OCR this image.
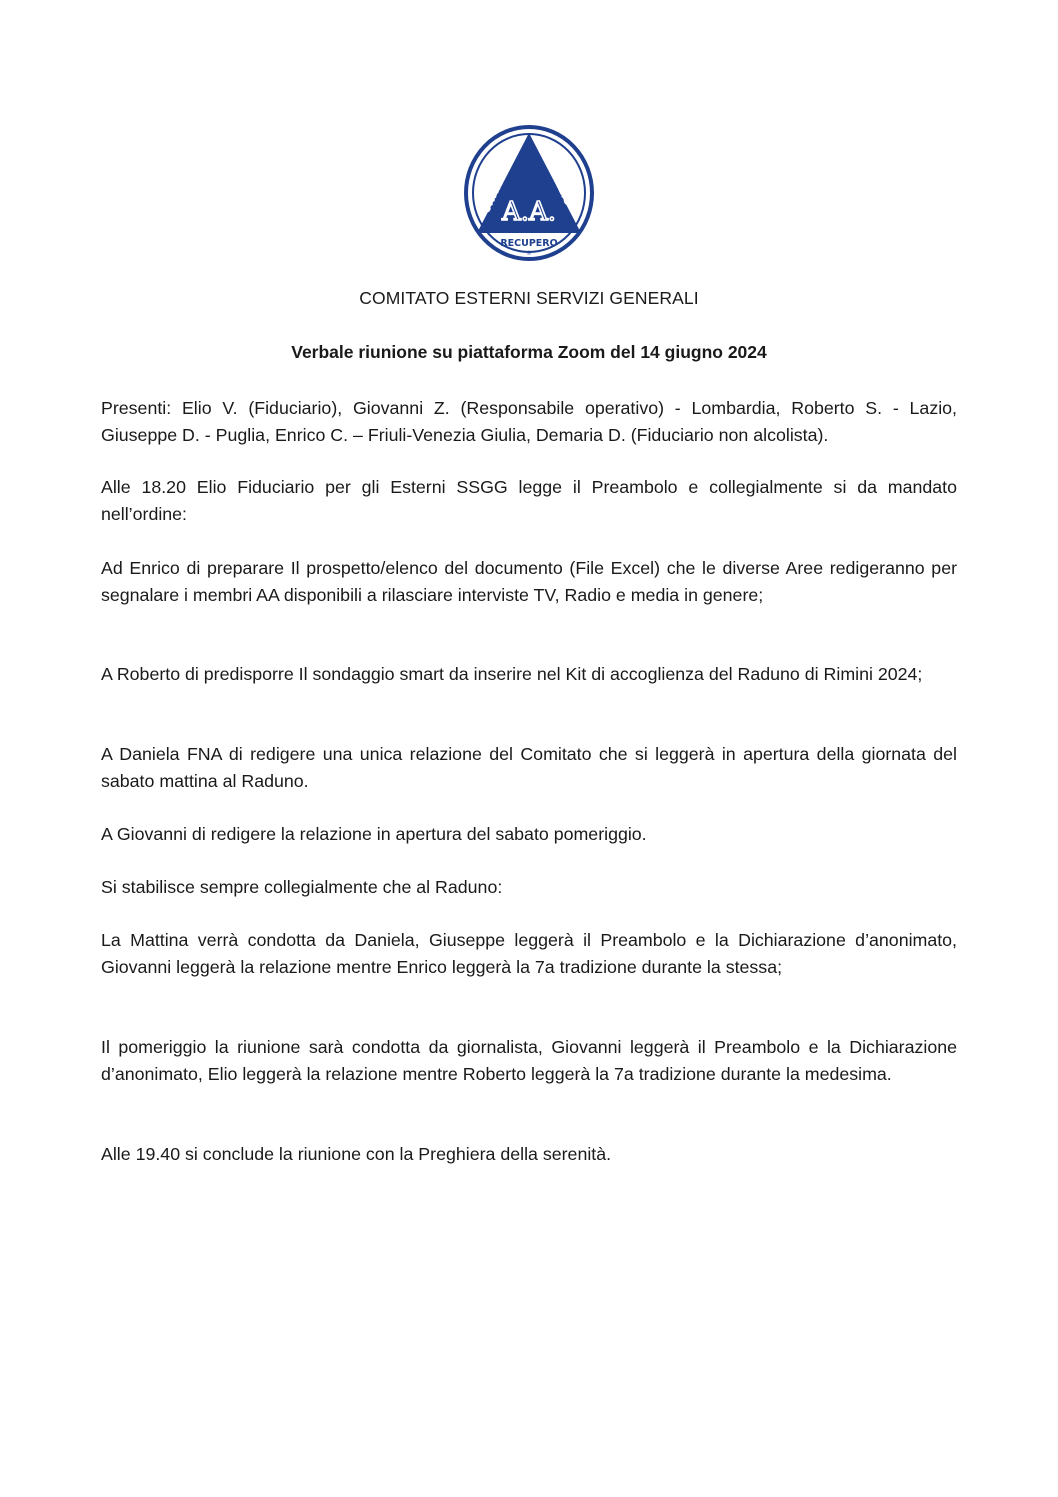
UNITA'
SERVIZIO
A.A.
RECUPERO
®

COMITATO ESTERNI SERVIZI GENERALI

Verbale riunione su piattaforma Zoom del 14 giugno 2024

Presenti: Elio V. (Fiduciario), Giovanni Z. (Responsabile operativo) - Lombardia, Roberto S. - Lazio, Giuseppe D. - Puglia, Enrico C. – Friuli-Venezia Giulia, Demaria D. (Fiduciario non alcolista).

Alle 18.20 Elio Fiduciario per gli Esterni SSGG legge il Preambolo e collegialmente si da mandato nell’ordine:

Ad Enrico di preparare Il prospetto/elenco del documento (File Excel) che le diverse Aree redigeranno per segnalare i membri AA disponibili a rilasciare interviste TV, Radio e media in genere;

A Roberto di predisporre Il sondaggio smart da inserire nel Kit di accoglienza del Raduno di Rimini 2024;

A Daniela FNA di redigere una unica relazione del Comitato che si leggerà in apertura della giornata del sabato mattina al Raduno.

A Giovanni di redigere la relazione in apertura del sabato pomeriggio.

Si stabilisce sempre collegialmente che al Raduno:

La Mattina verrà condotta da Daniela, Giuseppe leggerà il Preambolo e la Dichiarazione d’anonimato, Giovanni leggerà la relazione mentre Enrico leggerà la 7a tradizione durante la stessa;

Il pomeriggio la riunione sarà condotta da giornalista, Giovanni leggerà il Preambolo e la Dichiarazione d’anonimato, Elio leggerà la relazione mentre Roberto leggerà la 7a tradizione durante la medesima.

Alle 19.40 si conclude la riunione con la Preghiera della serenità.
